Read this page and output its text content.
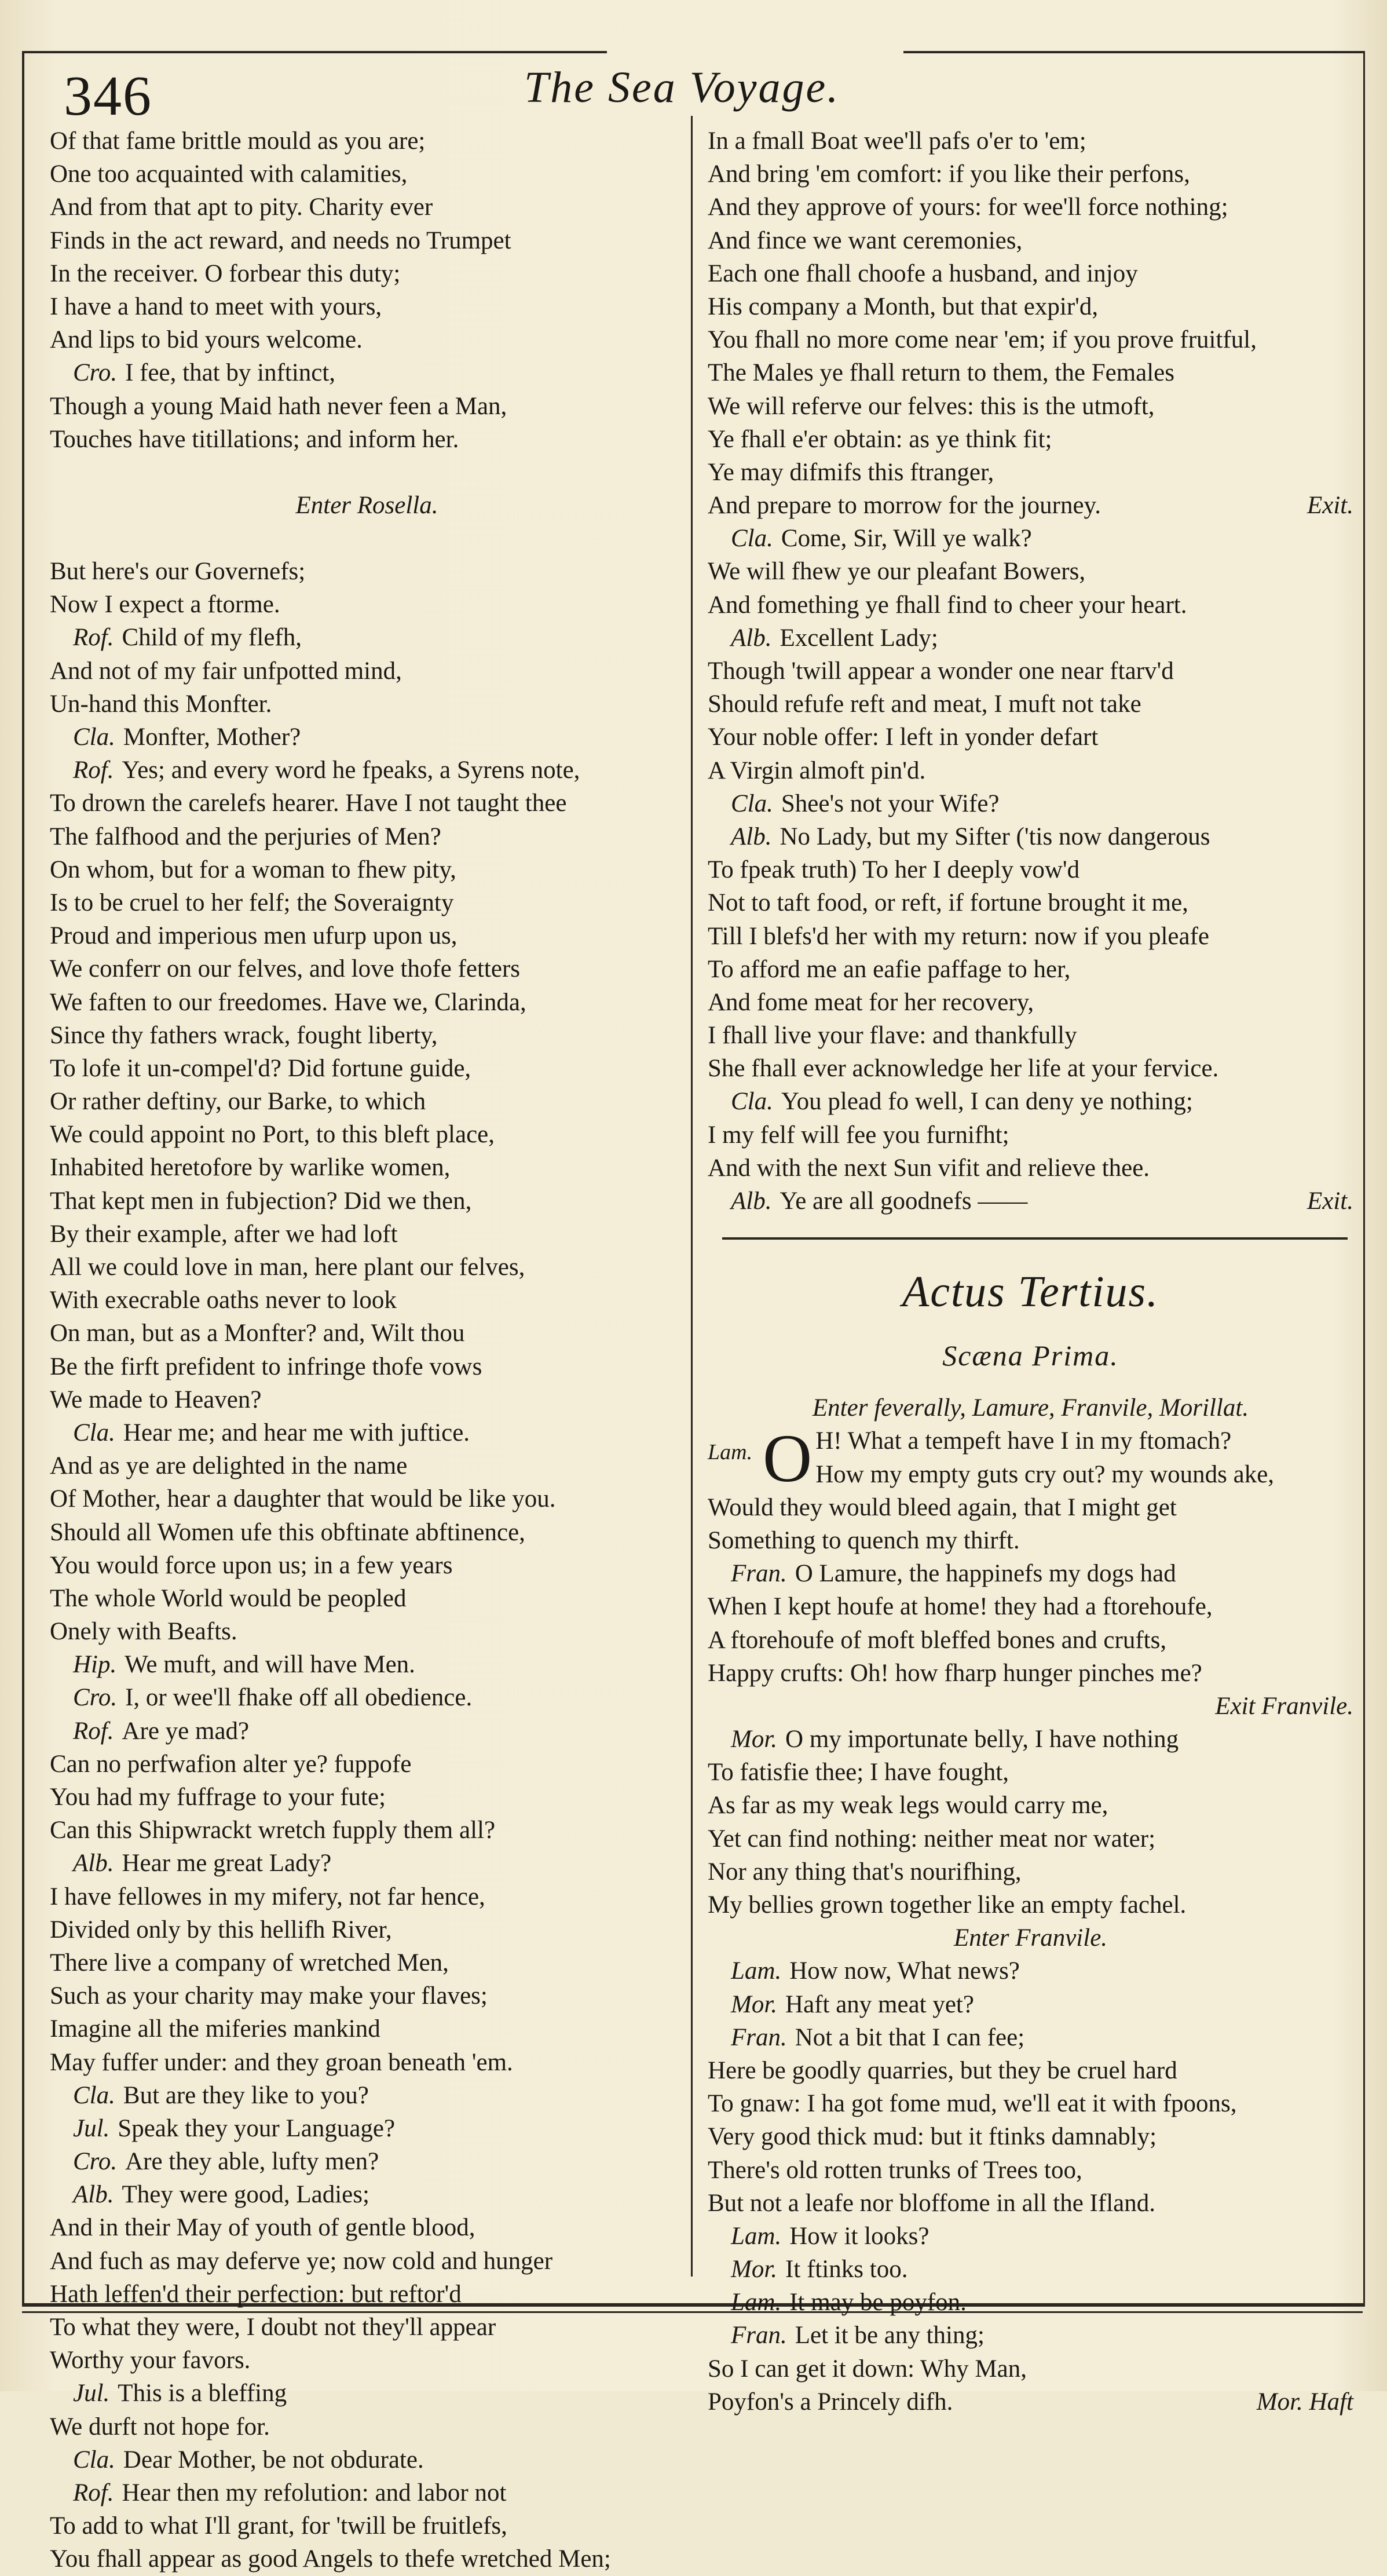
346	The Sea Voyage.
Of that fame brittle mould as you are;
One too acquainted with calamities,
And from that apt to pity. Charity ever
Finds in the act reward, and needs no Trumpet
In the receiver. O forbear this duty;
I have a hand to meet with yours,
And lips to bid yours welcome.
Cro. I fee, that by inftinct,
Though a young Maid hath never feen a Man,
Touches have titillations; and inform her.
Enter Rosella.
But here's our Governefs;
Now I expect a ftorme.
Rof. Child of my flefh,
And not of my fair unfpotted mind,
Un-hand this Monfter.
Cla. Monfter, Mother?
Rof. Yes; and every word he fpeaks, a Syrens note,
To drown the carelefs hearer. Have I not taught thee
The falfhood and the perjuries of Men?
On whom, but for a woman to fhew pity,
Is to be cruel to her felf; the Soveraignty
Proud and imperious men ufurp upon us,
We conferr on our felves, and love thofe fetters
We faften to our freedomes. Have we, Clarinda,
Since thy fathers wrack, fought liberty,
To lofe it un-compel'd? Did fortune guide,
Or rather deftiny, our Barke, to which
We could appoint no Port, to this bleft place,
Inhabited heretofore by warlike women,
That kept men in fubjection? Did we then,
By their example, after we had loft
All we could love in man, here plant our felves,
With execrable oaths never to look
On man, but as a Monfter? and, Wilt thou
Be the firft prefident to infringe thofe vows
We made to Heaven?
Cla. Hear me; and hear me with juftice.
And as ye are delighted in the name
Of Mother, hear a daughter that would be like you.
Should all Women ufe this obftinate abftinence,
You would force upon us; in a few years
The whole World would be peopled
Onely with Beafts.
Hip. We muft, and will have Men.
Cro. I, or wee'll fhake off all obedience.
Rof. Are ye mad?
Can no perfwafion alter ye? fuppofe
You had my fuffrage to your fute;
Can this Shipwrackt wretch fupply them all?
Alb. Hear me great Lady?
I have fellowes in my mifery, not far hence,
Divided only by this hellifh River,
There live a company of wretched Men,
Such as your charity may make your flaves;
Imagine all the miferies mankind
May fuffer under: and they groan beneath 'em.
Cla. But are they like to you?
Jul. Speak they your Language?
Cro. Are they able, lufty men?
Alb. They were good, Ladies;
And in their May of youth of gentle blood,
And fuch as may deferve ye; now cold and hunger
Hath leffen'd their perfection: but reftor'd
To what they were, I doubt not they'll appear
Worthy your favors.
Jul. This is a bleffing
We durft not hope for.
Cla. Dear Mother, be not obdurate.
Rof. Hear then my refolution: and labor not
To add to what I'll grant, for 'twill be fruitlefs,
You fhall appear as good Angels to thefe wretched Men;
In a fmall Boat wee'll pafs o'er to 'em;
And bring 'em comfort: if you like their perfons,
And they approve of yours: for wee'll force nothing;
And fince we want ceremonies,
Each one fhall choofe a husband, and injoy
His company a Month, but that expir'd,
You fhall no more come near 'em; if you prove fruitful,
The Males ye fhall return to them, the Females
We will referve our felves: this is the utmoft,
Ye fhall e'er obtain: as ye think fit;
Ye may difmifs this ftranger,
And prepare to morrow for the journey.	Exit.
Cla. Come, Sir, Will ye walk?
We will fhew ye our pleafant Bowers,
And fomething ye fhall find to cheer your heart.
Alb. Excellent Lady;
Though 'twill appear a wonder one near ftarv'd
Should refufe reft and meat, I muft not take
Your noble offer: I left in yonder defart
A Virgin almoft pin'd.
Cla. Shee's not your Wife?
Alb. No Lady, but my Sifter ('tis now dangerous
To fpeak truth) To her I deeply vow'd
Not to taft food, or reft, if fortune brought it me,
Till I blefs'd her with my return: now if you pleafe
To afford me an eafie paffage to her,
And fome meat for her recovery,
I fhall live your flave: and thankfully
She fhall ever acknowledge her life at your fervice.
Cla. You plead fo well, I can deny ye nothing;
I my felf will fee you furnifht;
And with the next Sun vifit and relieve thee.
Alb. Ye are all goodnefs ——	Exit.
Actus Tertius.
Scæna Prima.
Enter feverally, Lamure, Franvile, Morillat.
Lam. O H! What a tempeft have I in my ftomach?
How my empty guts cry out? my wounds ake,
Would they would bleed again, that I might get
Something to quench my thirft.
Fran. O Lamure, the happinefs my dogs had
When I kept houfe at home! they had a ftorehoufe,
A ftorehoufe of moft bleffed bones and crufts,
Happy crufts: Oh! how fharp hunger pinches me?
Exit Franvile.
Mor. O my importunate belly, I have nothing
To fatisfie thee; I have fought,
As far as my weak legs would carry me,
Yet can find nothing: neither meat nor water;
Nor any thing that's nourifhing,
My bellies grown together like an empty fachel.
Enter Franvile.
Lam. How now, What news?
Mor. Haft any meat yet?
Fran. Not a bit that I can fee;
Here be goodly quarries, but they be cruel hard
To gnaw: I ha got fome mud, we'll eat it with fpoons,
Very good thick mud: but it ftinks damnably;
There's old rotten trunks of Trees too,
But not a leafe nor bloffome in all the Ifland.
Lam. How it looks?
Mor. It ftinks too.
Lam. It may be poyfon.
Fran. Let it be any thing;
So I can get it down: Why Man,
Poyfon's a Princely difh.	Mor. Haft
